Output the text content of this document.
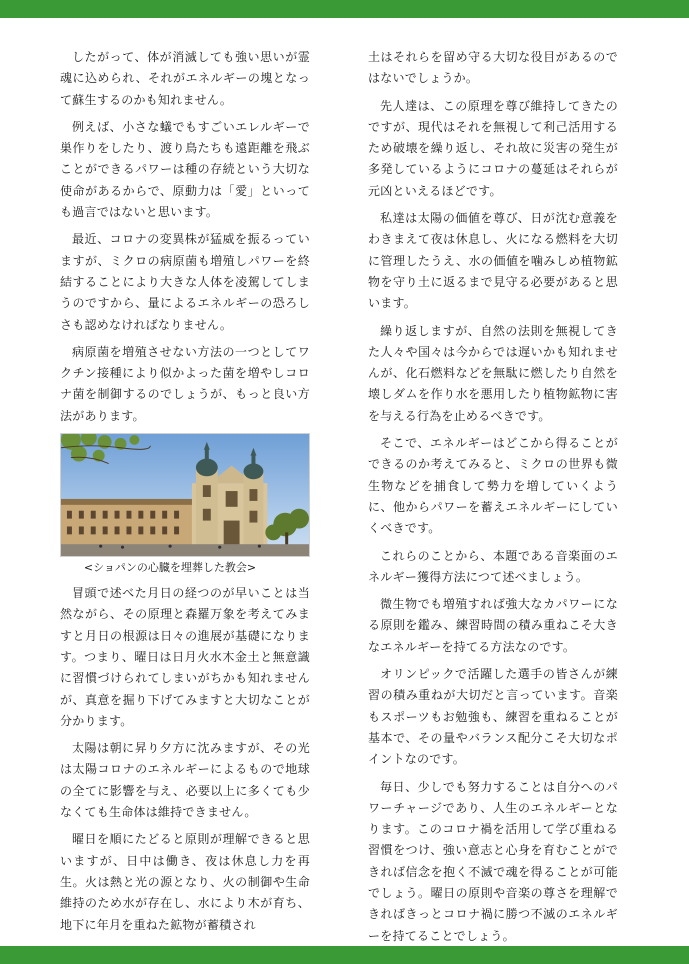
したがって、体が消滅しても強い思いが霊魂に込められ、それがエネルギーの塊となって蘇生するのかも知れません。

例えば、小さな蟻でもすごいエレルギーで巣作りをしたり、渡り鳥たちも遠距離を飛ぶことができるパワーは種の存続という大切な使命があるからで、原動力は「愛」といっても過言ではないと思います。

最近、コロナの変異株が猛威を振るっていますが、ミクロの病原菌も増殖しパワーを終結することにより大きな人体を凌駕してしまうのですから、量によるエネルギーの恐ろしさも認めなければなりません。

病原菌を増殖させない方法の一つとしてワクチン接種により似かよった菌を増やしコロナ菌を制御するのでしょうが、もっと良い方法があります。

<ショパンの心臓を埋葬した教会>

冒頭で述べた月日の経つのが早いことは当然ながら、その原理と森羅万象を考えてみますと月日の根源は日々の進展が基礎になります。つまり、曜日は日月火水木金土と無意識に習慣づけられてしまいがちかも知れませんが、真意を掘り下げてみますと大切なことが分かります。

太陽は朝に昇り夕方に沈みますが、その光は太陽コロナのエネルギーによるもので地球の全てに影響を与え、必要以上に多くても少なくても生命体は維持できません。

曜日を順にたどると原則が理解できると思いますが、日中は働き、夜は休息し力を再生。火は熱と光の源となり、火の制御や生命維持のため水が存在し、水により木が育ち、地下に年月を重ねた鉱物が蓄積され

土はそれらを留め守る大切な役目があるのではないでしょうか。

先人達は、この原理を尊び維持してきたのですが、現代はそれを無視して利己活用するため破壊を繰り返し、それ故に災害の発生が多発しているようにコロナの蔓延はそれらが元凶といえるほどです。

私達は太陽の価値を尊び、日が沈む意義をわきまえて夜は休息し、火になる燃料を大切に管理したうえ、水の価値を噛みしめ植物鉱物を守り土に返るまで見守る必要があると思います。

繰り返しますが、自然の法則を無視してきた人々や国々は今からでは遅いかも知れませんが、化石燃料などを無駄に燃したり自然を壊しダムを作り水を悪用したり植物鉱物に害を与える行為を止めるべきです。

そこで、エネルギーはどこから得ることができるのか考えてみると、ミクロの世界も微生物などを捕食して勢力を増していくように、他からパワーを蓄えエネルギーにしていくべきです。

これらのことから、本題である音楽面のエネルギー獲得方法につて述べましょう。

微生物でも増殖すれば強大なカパワーになる原則を鑑み、練習時間の積み重ねこそ大きなエネルギーを持てる方法なのです。

オリンピックで活躍した選手の皆さんが練習の積み重ねが大切だと言っています。音楽もスポーツもお勉強も、練習を重ねることが基本で、その量やバランス配分こそ大切なポイントなのです。

毎日、少しでも努力することは自分へのパワーチャージであり、人生のエネルギーとなります。このコロナ禍を活用して学び重ねる習慣をつけ、強い意志と心身を育むことができれば信念を抱く不滅で魂を得ることが可能でしょう。曜日の原則や音楽の尊さを理解できればきっとコロナ禍に勝つ不滅のエネルギーを持てることでしょう。
